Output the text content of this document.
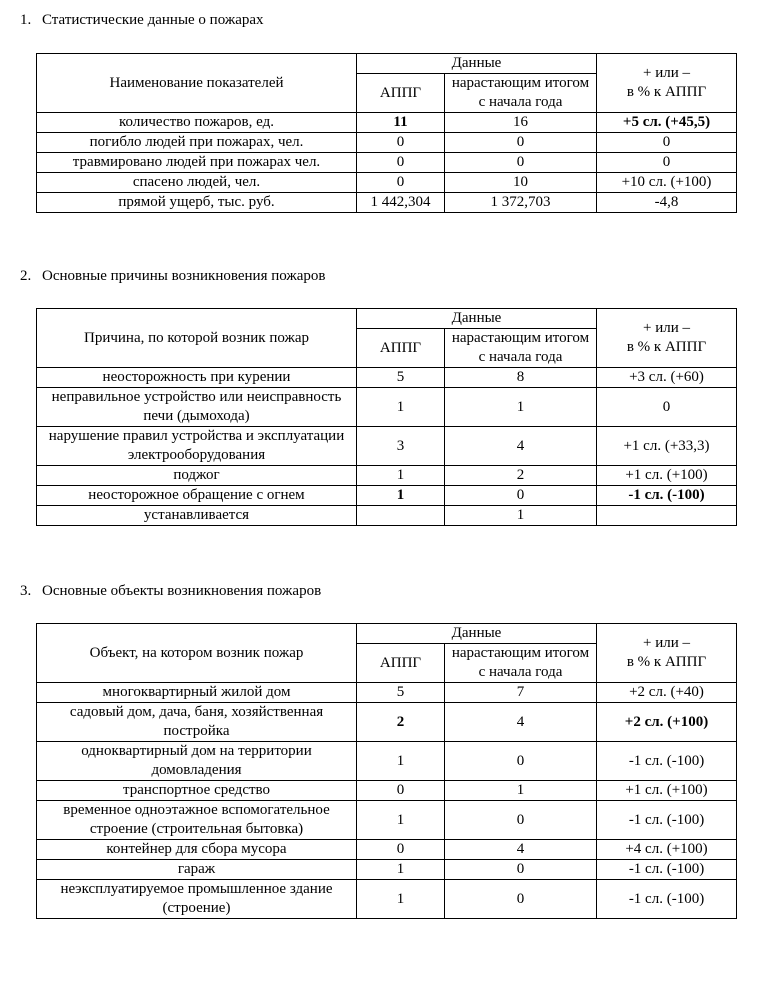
1. Статистические данные о пожарах
Наименование показателей	Данные		+ или –
в % к АППГ
	АППГ	нарастающим итогом с начала года	
количество пожаров, ед.	11	16	+5 сл. (+45,5)
погибло людей при пожарах, чел.	0	0	0
травмировано людей при пожарах чел.	0	0	0
спасено людей, чел.	0	10	+10 сл. (+100)
прямой ущерб, тыс. руб.	1 442,304	1 372,703	-4,8
2. Основные причины возникновения пожаров
Причина, по которой возник пожар	Данные		+ или –
в % к АППГ
	АППГ	нарастающим итогом с начала года	
неосторожность при курении	5	8	+3 сл. (+60)
неправильное устройство или неисправность печи (дымохода)	1	1	0
нарушение правил устройства и эксплуатации электрооборудования	3	4	+1 сл. (+33,3)
поджог	1	2	+1 сл. (+100)
неосторожное обращение с огнем	1	0	-1 сл. (-100)
устанавливается		1	
3. Основные объекты возникновения пожаров
Объект, на котором возник пожар	Данные		+ или –
в % к АППГ
	АППГ	нарастающим итогом с начала года	
многоквартирный жилой дом	5	7	+2 сл. (+40)
садовый дом, дача, баня, хозяйственная постройка	2	4	+2 сл. (+100)
одноквартирный дом на территории домовладения	1	0	-1 сл. (-100)
транспортное средство	0	1	+1 сл. (+100)
временное одноэтажное вспомогательное строение (строительная бытовка)	1	0	-1 сл. (-100)
контейнер для сбора мусора	0	4	+4 сл. (+100)
гараж	1	0	-1 сл. (-100)
неэксплуатируемое промышленное здание (строение)	1	0	-1 сл. (-100)
